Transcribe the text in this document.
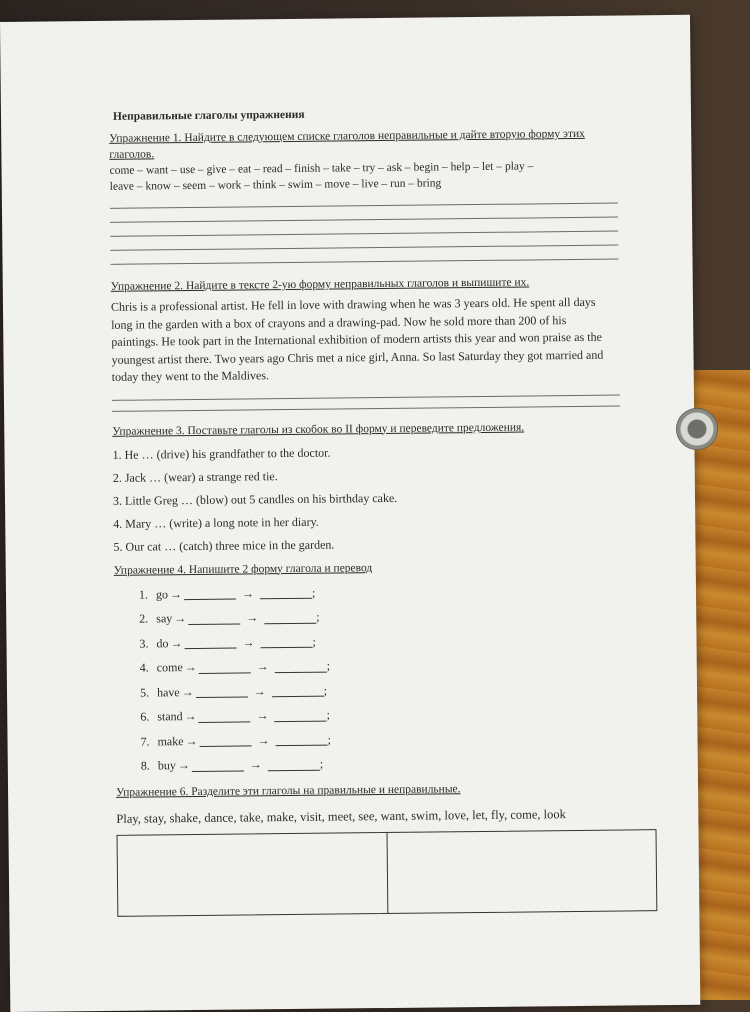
Неправильные глаголы упражнения
Упражнение 1. Найдите в следующем списке глаголов неправильные и дайте вторую форму этих глаголов.
come – want – use – give – eat – read – finish – take – try – ask – begin – help – let – play –
leave – know – seem – work – think – swim – move – live – run – bring
Упражнение 2. Найдите в тексте 2-ую форму неправильных глаголов и выпишите их.
Chris is a professional artist. He fell in love with drawing when he was 3 years old. He spent all days long in the garden with a box of crayons and a drawing-pad. Now he sold more than 200 of his paintings. He took part in the International exhibition of modern artists this year and won praise as the youngest artist there. Two years ago Chris met a nice girl, Anna. So last Saturday they got married and today they went to the Maldives.
Упражнение 3. Поставьте глаголы из скобок во II форму и переведите предложения.
1. He … (drive) his grandfather to the doctor.
2. Jack … (wear) a strange red tie.
3. Little Greg … (blow) out 5 candles on his birthday cake.
4. Mary … (write) a long note in her diary.
5. Our cat … (catch) three mice in the garden.
Упражнение 4. Напишите 2 форму глагола и перевод
1. go →	→	;
2. say →	→	;
3. do →	→	;
4. come →	→	;
5. have →	→	;
6. stand →	→	;
7. make →	→	;
8. buy →	→	;
Упражнение 6. Разделите эти глаголы на правильные и неправильные.
Play, stay, shake, dance, take, make, visit, meet, see, want, swim, love, let, fly, come, look
